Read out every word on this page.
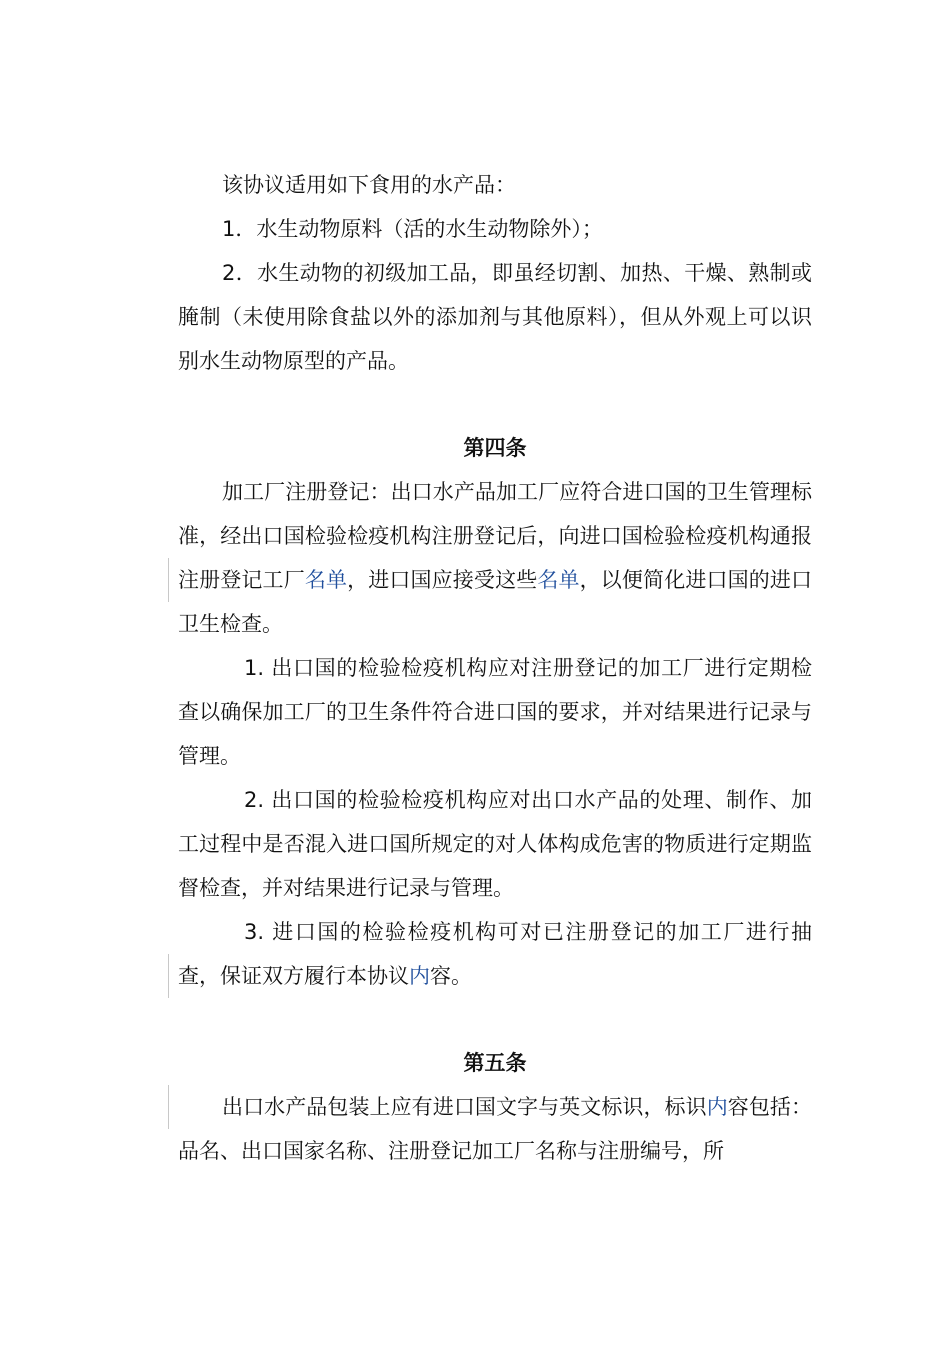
该协议适用如下食用的水产品：

1．水生动物原料（活的水生动物除外）；

2．水生动物的初级加工品，即虽经切割、加热、干燥、熟制或腌制（未使用除食盐以外的添加剂与其他原料），但从外观上可以识别水生动物原型的产品。

第四条

加工厂注册登记：出口水产品加工厂应符合进口国的卫生管理标准，经出口国检验检疫机构注册登记后，向进口国检验检疫机构通报注册登记工厂名单，进口国应接受这些名单，以便简化进口国的进口卫生检查。

1. 出口国的检验检疫机构应对注册登记的加工厂进行定期检查以确保加工厂的卫生条件符合进口国的要求，并对结果进行记录与管理。

2. 出口国的检验检疫机构应对出口水产品的处理、制作、加工过程中是否混入进口国所规定的对人体构成危害的物质进行定期监督检查，并对结果进行记录与管理。

3. 进口国的检验检疫机构可对已注册登记的加工厂进行抽查，保证双方履行本协议内容。

第五条

出口水产品包装上应有进口国文字与英文标识，标识内容包括：品名、出口国家名称、注册登记加工厂名称与注册编号，所
